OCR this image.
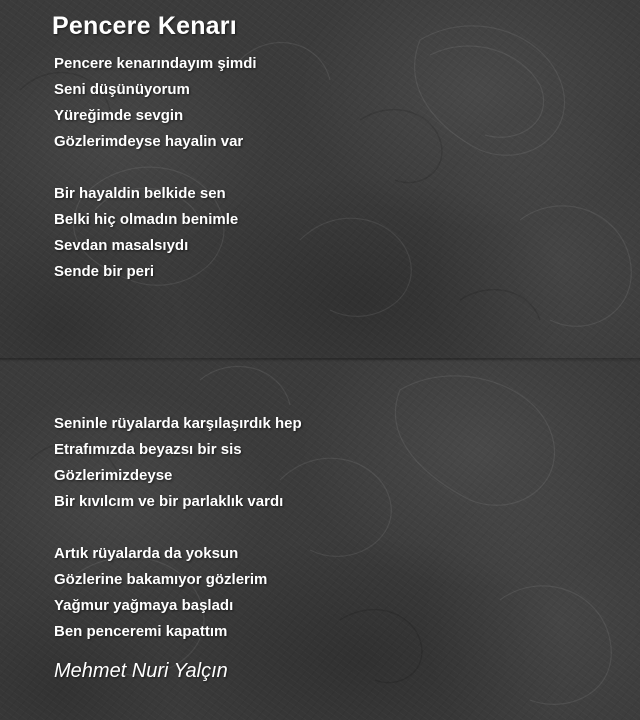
Pencere Kenarı
Pencere kenarındayım şimdi
Seni düşünüyorum
Yüreğimde sevgin
Gözlerimdeyse hayalin var
Bir hayaldin belkide sen
Belki hiç olmadın benimle
Sevdan masalsıydı
Sende bir peri
Seninle rüyalarda karşılaşırdık hep
Etrafımızda beyazsı bir sis
Gözlerimizdeyse
Bir kıvılcım ve bir parlaklık vardı
Artık rüyalarda da yoksun
Gözlerine bakamıyor gözlerim
Yağmur yağmaya başladı
Ben penceremi kapattım
Mehmet Nuri Yalçın
